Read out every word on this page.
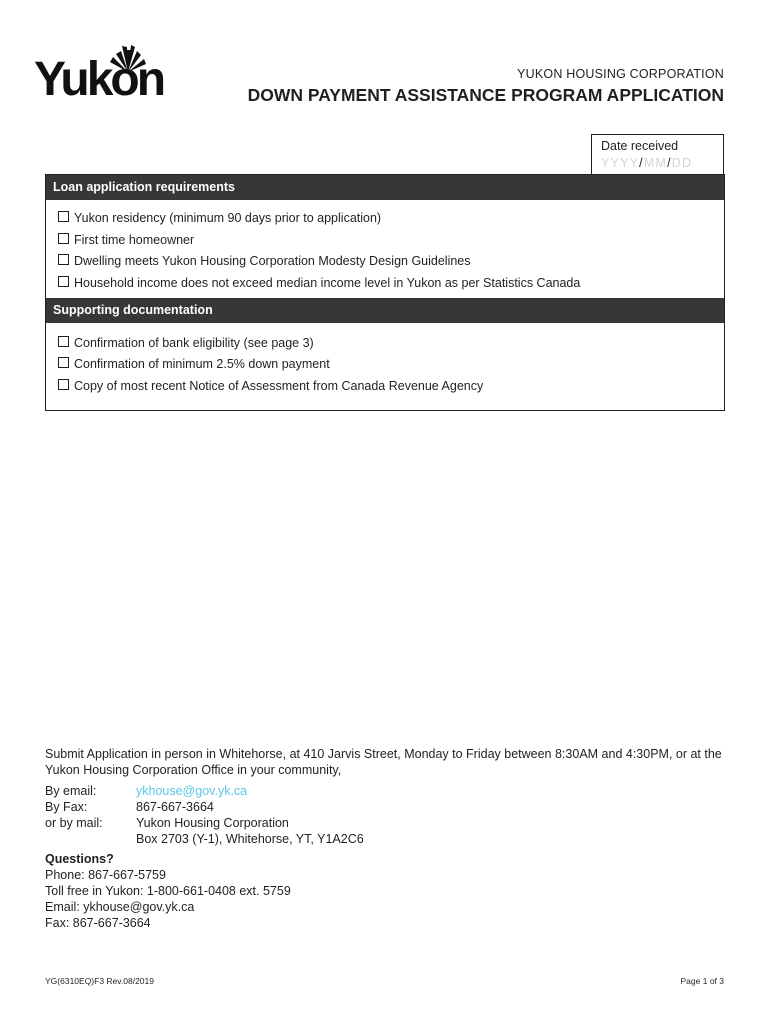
Yukon	YUKON HOUSING CORPORATION
DOWN PAYMENT ASSISTANCE PROGRAM APPLICATION
Date received
YYYY/MM/DD
Loan application requirements
Yukon residency (minimum 90 days prior to application)
First time homeowner
Dwelling meets Yukon Housing Corporation Modesty Design Guidelines
Household income does not exceed median income level in Yukon as per Statistics Canada
Supporting documentation
Confirmation of bank eligibility (see page 3)
Confirmation of minimum 2.5% down payment
Copy of most recent Notice of Assessment from Canada Revenue Agency
Submit Application in person in Whitehorse, at 410 Jarvis Street, Monday to Friday between 8:30AM and 4:30PM, or at the Yukon Housing Corporation Office in your community,
By email:	ykhouse@gov.yk.ca
By Fax:	867-667-3664
or by mail:	Yukon Housing Corporation
Box 2703 (Y-1), Whitehorse, YT, Y1A2C6
Questions?
Phone: 867-667-5759
Toll free in Yukon: 1-800-661-0408 ext. 5759
Email: ykhouse@gov.yk.ca
Fax: 867-667-3664
YG(6310EQ)F3 Rev.08/2019	Page 1 of 3
